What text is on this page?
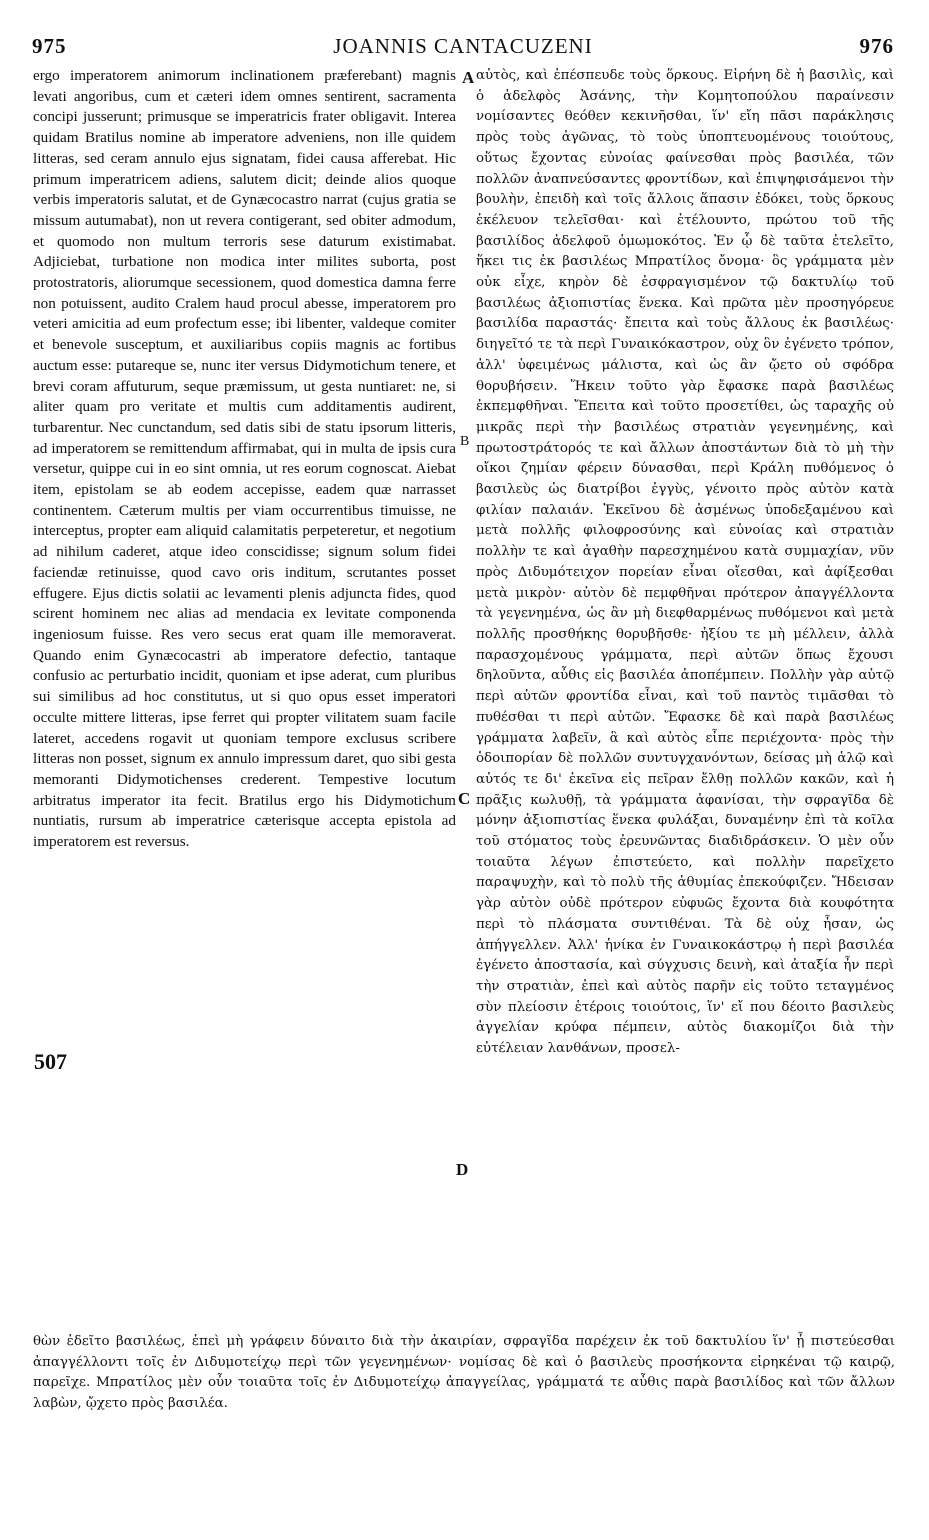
975	JOANNIS CANTACUZENI	976

ergo imperatorem animorum inclinationem præferebant) magnis levati angoribus, cum et cæteri idem omnes sentirent, sacramenta concipi jusserunt; primusque se imperatricis frater obligavit. Interea quidam Bratilus nomine ab imperatore adveniens, non ille quidem litteras, sed ceram annulo ejus signatam, fidei causa afferebat. Hic primum imperatricem adiens, salutem dicit; deinde alios quoque verbis imperatoris salutat, et de Gynæcocastro narrat (cujus gratia se missum autumabat), non ut revera contigerant, sed obiter admodum, et quomodo non multum terroris sese daturum existimabat. Adjiciebat, turbatione non modica inter milites suborta, post protostratoris, aliorumque secessionem, quod domestica damna ferre non potuissent, audito Cralem haud procul abesse, imperatorem pro veteri amicitia ad eum profectum esse; ibi libenter, valdeque comiter et benevole susceptum, et auxiliaribus copiis magnis ac fortibus auctum esse: putareque se, nunc iter versus Didymotichum tenere, et brevi coram affuturum, seque præmissum, ut gesta nuntiaret: ne, si aliter quam pro veritate et multis cum additamentis audirent, turbarentur. Nec cunctandum, sed datis sibi de statu ipsorum litteris, ad imperatorem se remittendum affirmabat, qui in multa de ipsis cura versetur, quippe cui in eo sint omnia, ut res eorum cognoscat. Aiebat item, epistolam se ab eodem accepisse, eadem quæ narrasset continentem. Cæterum multis per viam occurrentibus timuisse, ne interceptus, propter eam aliquid calamitatis perpeteretur, et negotium ad nihilum caderet, atque ideo conscidisse; signum solum fidei faciendæ retinuisse, quod cavo oris inditum, scrutantes posset effugere. Ejus dictis solatii ac levamenti plenis adjuncta fides, quod scirent hominem nec alias ad mendacia ex levitate componenda ingeniosum fuisse. Res vero secus erat quam ille memoraverat. Quando enim Gynæcocastri ab imperatore defectio, tantaque confusio ac perturbatio incidit, quoniam et ipse aderat, cum pluribus sui similibus ad hoc constitutus, ut si quo opus esset imperatori occulte mittere litteras, ipse ferret qui propter vilitatem suam facile lateret, accedens rogavit ut quoniam tempore exclusus scribere litteras non posset, signum ex annulo impressum daret, quo sibi gesta memoranti Didymotichenses crederent. Tempestive locutum arbitratus imperator ita fecit. Bratilus ergo his Didymotichum nuntiatis, rursum ab imperatrice cæterisque accepta epistola ad imperatorem est reversus.

αὐτὸς, καὶ ἐπέσπευδε τοὺς ὅρκους. Εἰρήνη δὲ ἡ βασιλὶς, καὶ ὁ ἀδελφὸς Ἀσάνης, τὴν Κομητοπούλου παραίνεσιν νομίσαντες θεόθεν κεκινῆσθαι, ἵν' εἴη πᾶσι παράκλησις πρὸς τοὺς ἀγῶνας, τὸ τοὺς ὑποπτευομένους τοιούτους, οὕτως ἔχοντας εὐνοίας φαίνεσθαι πρὸς βασιλέα, τῶν πολλῶν ἀναπνεύσαντες φροντίδων, καὶ ἐπιψηφισάμενοι τὴν βουλὴν, ἐπειδὴ καὶ τοῖς ἄλλοις ἅπασιν ἐδόκει, τοὺς ὅρκους ἐκέλευον τελεῖσθαι· καὶ ἐτέλουντο, πρώτου τοῦ τῆς βασιλίδος ἀδελφοῦ ὁμωμοκότος. Ἐν ᾧ δὲ ταῦτα ἐτελεῖτο, ἥκει τις ἐκ βασιλέως Μπρατίλος ὄνομα· ὃς γράμματα μὲν οὐκ εἶχε, κηρὸν δὲ ἐσφραγισμένον τῷ δακτυλίῳ τοῦ βασιλέως ἀξιοπιστίας ἕνεκα. Καὶ πρῶτα μὲν προσηγόρευε βασιλίδα παραστάς· ἔπειτα καὶ τοὺς ἄλλους ἐκ βασιλέως· διηγεῖτό τε τὰ περὶ Γυναικόκαστρον, οὐχ ὃν ἐγένετο τρόπον, ἀλλ' ὑφειμένως μάλιστα, καὶ ὡς ἂν ᾤετο οὐ σφόδρα θορυβήσειν. Ἥκειν τοῦτο γὰρ ἔφασκε παρὰ βασιλέως ἐκπεμφθῆναι. Ἔπειτα καὶ τοῦτο προσετίθει, ὡς ταραχῆς οὐ μικρᾶς περὶ τὴν βασιλέως στρατιὰν γεγενημένης, καὶ πρωτοστράτορός τε καὶ ἄλλων ἀποστάντων διὰ τὸ μὴ τὴν οἴκοι ζημίαν φέρειν δύνασθαι, περὶ Κράλη πυθόμενος ὁ βασιλεὺς ὡς διατρίβοι ἐγγὺς, γένοιτο πρὸς αὐτὸν κατὰ φιλίαν παλαιάν. Ἐκεῖνου δὲ ἀσμένως ὑποδεξαμένου καὶ μετὰ πολλῆς φιλοφροσύνης καὶ εὐνοίας καὶ στρατιὰν πολλὴν τε καὶ ἀγαθὴν παρεσχημένου κατὰ συμμαχίαν, νῦν πρὸς Διδυμότειχον πορείαν εἶναι οἴεσθαι, καὶ ἀφίξεσθαι μετὰ μικρὸν· αὐτὸν δὲ πεμφθῆναι πρότερον ἀπαγγέλλοντα τὰ γεγενημένα, ὡς ἂν μὴ διεφθαρμένως πυθόμενοι καὶ μετὰ πολλῆς προσθήκης θορυβῆσθε· ἠξίου τε μὴ μέλλειν, ἀλλὰ παρασχομένους γράμματα, περὶ αὐτῶν ὅπως ἔχουσι δηλοῦντα, αὖθις εἰς βασιλέα ἀποπέμπειν. Πολλὴν γὰρ αὐτῷ περὶ αὐτῶν φροντίδα εἶναι, καὶ τοῦ παντὸς τιμᾶσθαι τὸ πυθέσθαι τι περὶ αὐτῶν. Ἔφασκε δὲ καὶ παρὰ βασιλέως γράμματα λαβεῖν, ἃ καὶ αὐτὸς εἶπε περιέχοντα· πρὸς τὴν ὁδοιπορίαν δὲ πολλῶν συντυγχανόντων, δείσας μὴ ἁλῷ καὶ αὐτός τε δι' ἐκεῖνα εἰς πεῖραν ἔλθῃ πολλῶν κακῶν, καὶ ἡ πρᾶξις κωλυθῇ, τὰ γράμματα ἀφανίσαι, τὴν σφραγῖδα δὲ μόνην ἀξιοπιστίας ἕνεκα φυλάξαι, δυναμένην ἐπὶ τὰ κοῖλα τοῦ στόματος τοὺς ἐρευνῶντας διαδιδράσκειν. Ὁ μὲν οὖν τοιαῦτα λέγων ἐπιστεύετο, καὶ πολλὴν παρεῖχετο παραψυχὴν, καὶ τὸ πολὺ τῆς ἀθυμίας ἐπεκούφιζεν. Ἤδεισαν γὰρ αὐτὸν οὐδὲ πρότερον εὐφυῶς ἔχοντα διὰ κουφότητα περὶ τὸ πλάσματα συντιθέναι. Τὰ δὲ οὐχ ἦσαν, ὡς ἀπήγγελλεν. Ἀλλ' ἡνίκα ἐν Γυναικοκάστρῳ ἡ περὶ βασιλέα ἐγένετο ἀποστασία, καὶ σύγχυσις δεινὴ, καὶ ἀταξία ἦν περὶ τὴν στρατιὰν, ἐπεὶ καὶ αὐτὸς παρῆν εἰς τοῦτο τεταγμένος σὺν πλείοσιν ἑτέροις τοιούτοις, ἵν' εἴ που δέοιτο βασιλεὺς ἀγγελίαν κρύφα πέμπειν, αὐτὸς διακομίζοι διὰ τὴν εὐτέλειαν λανθάνων, προσελ-

A
B
C
D
507

θὼν ἐδεῖτο βασιλέως, ἐπεὶ μὴ γράφειν δύναιτο διὰ τὴν ἀκαιρίαν, σφραγῖδα παρέχειν ἐκ τοῦ δακτυλίου ἵν' ᾖ πιστεύεσθαι ἀπαγγέλλοντι τοῖς ἐν Διδυμοτείχῳ περὶ τῶν γεγενημένων· νομίσας δὲ καὶ ὁ βασιλεὺς προσήκοντα εἰρηκέναι τῷ καιρῷ, παρεῖχε. Μπρατίλος μὲν οὖν τοιαῦτα τοῖς ἐν Διδυμοτείχῳ ἀπαγγείλας, γράμματά τε αὖθις παρὰ βασιλίδος καὶ τῶν ἄλλων λαβὼν, ᾤχετο πρὸς βασιλέα.
